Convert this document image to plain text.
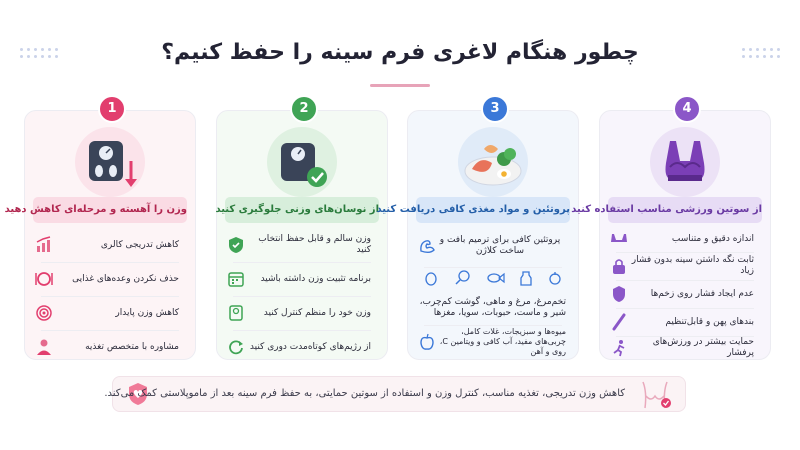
چطور هنگام لاغری فرم سینه را حفظ کنیم؟
1
وزن را آهسته و مرحله‌ای کاهش دهید
کاهش تدریجی کالری
حذف نکردن وعده‌های غذایی
کاهش وزن پایدار
مشاوره با متخصص تغذیه
2
از نوسان‌های وزنی جلوگیری کنید
وزن سالم و قابل حفظ انتخاب کنید
برنامه تثبیت وزن داشته باشید
وزن خود را منظم کنترل کنید
از رژیم‌های کوتاه‌مدت دوری کنید
3
پروتئین و مواد مغذی کافی دریافت کنید
پروتئین کافی برای ترمیم بافت و ساخت کلاژن
تخم‌مرغ، مرغ و ماهی، گوشت کم‌چرب، شیر و ماست، حبوبات، سویا، مغزها
میوه‌ها و سبزیجات، غلات کامل، چربی‌های مفید، آب کافی و ویتامین C، روی و آهن
4
از سوتین ورزشی مناسب استفاده کنید
اندازه دقیق و متناسب
ثابت نگه داشتن سینه بدون فشار زیاد
عدم ایجاد فشار روی زخم‌ها
بندهای پهن و قابل‌تنظیم
حمایت بیشتر در ورزش‌های پرفشار
کاهش وزن تدریجی، تغذیه مناسب، کنترل وزن و استفاده از سوتین حمایتی، به حفظ فرم سینه بعد از ماموپلاستی کمک می‌کند.
